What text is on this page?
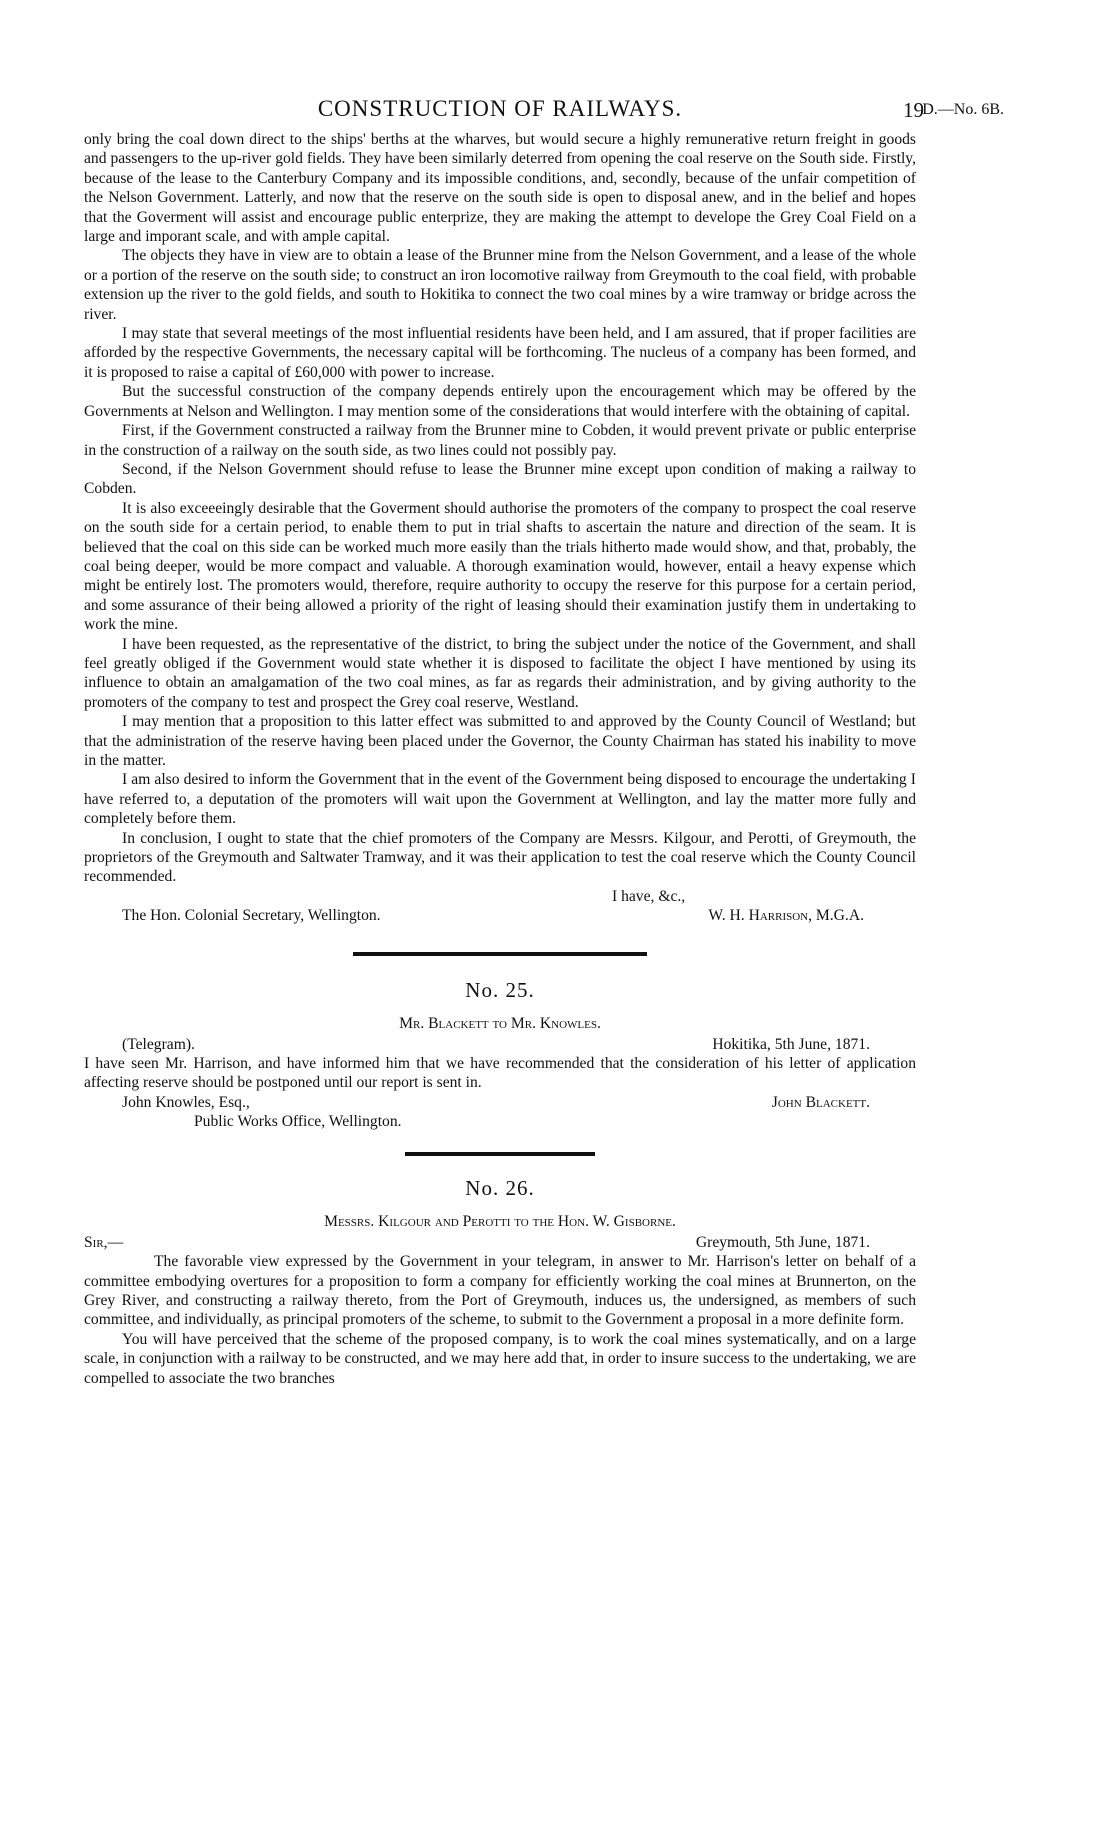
CONSTRUCTION OF RAILWAYS.	19
D.—No. 6B.

only bring the coal down direct to the ships' berths at the wharves, but would secure a highly remunerative return freight in goods and passengers to the up-river gold fields. They have been similarly deterred from opening the coal reserve on the South side. Firstly, because of the lease to the Canterbury Company and its impossible conditions, and, secondly, because of the unfair competition of the Nelson Government. Latterly, and now that the reserve on the south side is open to disposal anew, and in the belief and hopes that the Goverment will assist and encourage public enterprize, they are making the attempt to develope the Grey Coal Field on a large and imporant scale, and with ample capital.

The objects they have in view are to obtain a lease of the Brunner mine from the Nelson Government, and a lease of the whole or a portion of the reserve on the south side; to construct an iron locomotive railway from Greymouth to the coal field, with probable extension up the river to the gold fields, and south to Hokitika to connect the two coal mines by a wire tramway or bridge across the river.

I may state that several meetings of the most influential residents have been held, and I am assured, that if proper facilities are afforded by the respective Governments, the necessary capital will be forthcoming. The nucleus of a company has been formed, and it is proposed to raise a capital of £60,000 with power to increase.

But the successful construction of the company depends entirely upon the encouragement which may be offered by the Governments at Nelson and Wellington. I may mention some of the considerations that would interfere with the obtaining of capital.

First, if the Government constructed a railway from the Brunner mine to Cobden, it would prevent private or public enterprise in the construction of a railway on the south side, as two lines could not possibly pay.

Second, if the Nelson Government should refuse to lease the Brunner mine except upon condition of making a railway to Cobden.

It is also exceeeingly desirable that the Goverment should authorise the promoters of the company to prospect the coal reserve on the south side for a certain period, to enable them to put in trial shafts to ascertain the nature and direction of the seam. It is believed that the coal on this side can be worked much more easily than the trials hitherto made would show, and that, probably, the coal being deeper, would be more compact and valuable. A thorough examination would, however, entail a heavy expense which might be entirely lost. The promoters would, therefore, require authority to occupy the reserve for this purpose for a certain period, and some assurance of their being allowed a priority of the right of leasing should their examination justify them in undertaking to work the mine.

I have been requested, as the representative of the district, to bring the subject under the notice of the Government, and shall feel greatly obliged if the Government would state whether it is disposed to facilitate the object I have mentioned by using its influence to obtain an amalgamation of the two coal mines, as far as regards their administration, and by giving authority to the promoters of the company to test and prospect the Grey coal reserve, Westland.

I may mention that a proposition to this latter effect was submitted to and approved by the County Council of Westland; but that the administration of the reserve having been placed under the Governor, the County Chairman has stated his inability to move in the matter.

I am also desired to inform the Government that in the event of the Government being disposed to encourage the undertaking I have referred to, a deputation of the promoters will wait upon the Government at Wellington, and lay the matter more fully and completely before them.

In conclusion, I ought to state that the chief promoters of the Company are Messrs. Kilgour, and Perotti, of Greymouth, the proprietors of the Greymouth and Saltwater Tramway, and it was their application to test the coal reserve which the County Council recommended.

I have, &c.,
The Hon. Colonial Secretary, Wellington.	W. H. Harrison, M.G.A.
No. 25.
Mr. Blackett to Mr. Knowles.
(Telegram).	Hokitika, 5th June, 1871.

I have seen Mr. Harrison, and have informed him that we have recommended that the consideration of his letter of application affecting reserve should be postponed until our report is sent in.

John Knowles, Esq.,	John Blackett.
Public Works Office, Wellington.
No. 26.
Messrs. Kilgour and Perotti to the Hon. W. Gisborne.
Sir,—	Greymouth, 5th June, 1871.

The favorable view expressed by the Government in your telegram, in answer to Mr. Harrison's letter on behalf of a committee embodying overtures for a proposition to form a company for efficiently working the coal mines at Brunnerton, on the Grey River, and constructing a railway thereto, from the Port of Greymouth, induces us, the undersigned, as members of such committee, and individually, as principal promoters of the scheme, to submit to the Government a proposal in a more definite form.

You will have perceived that the scheme of the proposed company, is to work the coal mines systematically, and on a large scale, in conjunction with a railway to be constructed, and we may here add that, in order to insure success to the undertaking, we are compelled to associate the two branches
